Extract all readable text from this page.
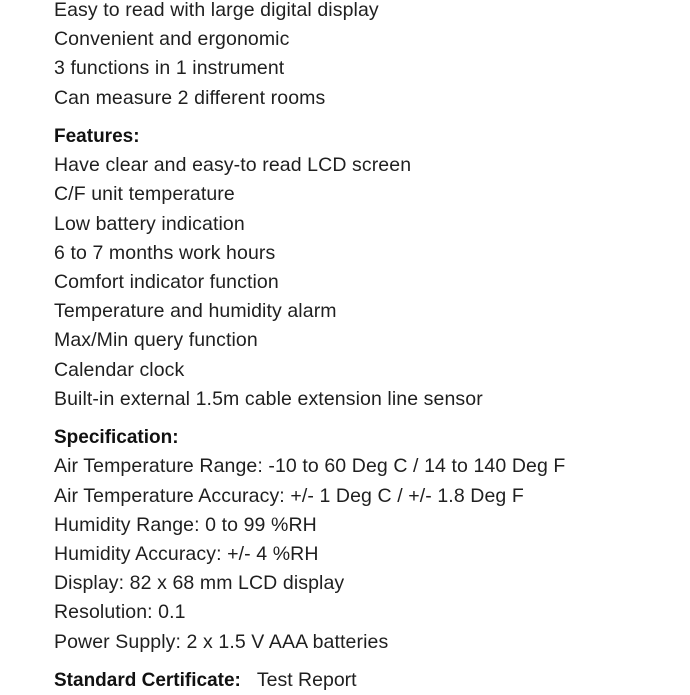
Easy to read with large digital display
Convenient and ergonomic
3 functions in 1 instrument
Can measure 2 different rooms
Features:
Have clear and easy-to read LCD screen
C/F unit temperature
Low battery indication
6 to 7 months work hours
Comfort indicator function
Temperature and humidity alarm
Max/Min query function
Calendar clock
Built-in external 1.5m cable extension line sensor
Specification:
Air Temperature Range: -10 to 60 Deg C / 14 to 140 Deg F
Air Temperature Accuracy: +/- 1 Deg C / +/- 1.8 Deg F
Humidity Range: 0 to 99 %RH
Humidity Accuracy: +/- 4 %RH
Display: 82 x 68 mm LCD display
Resolution: 0.1
Power Supply: 2 x 1.5 V AAA batteries
Standard Certificate: Test Report
